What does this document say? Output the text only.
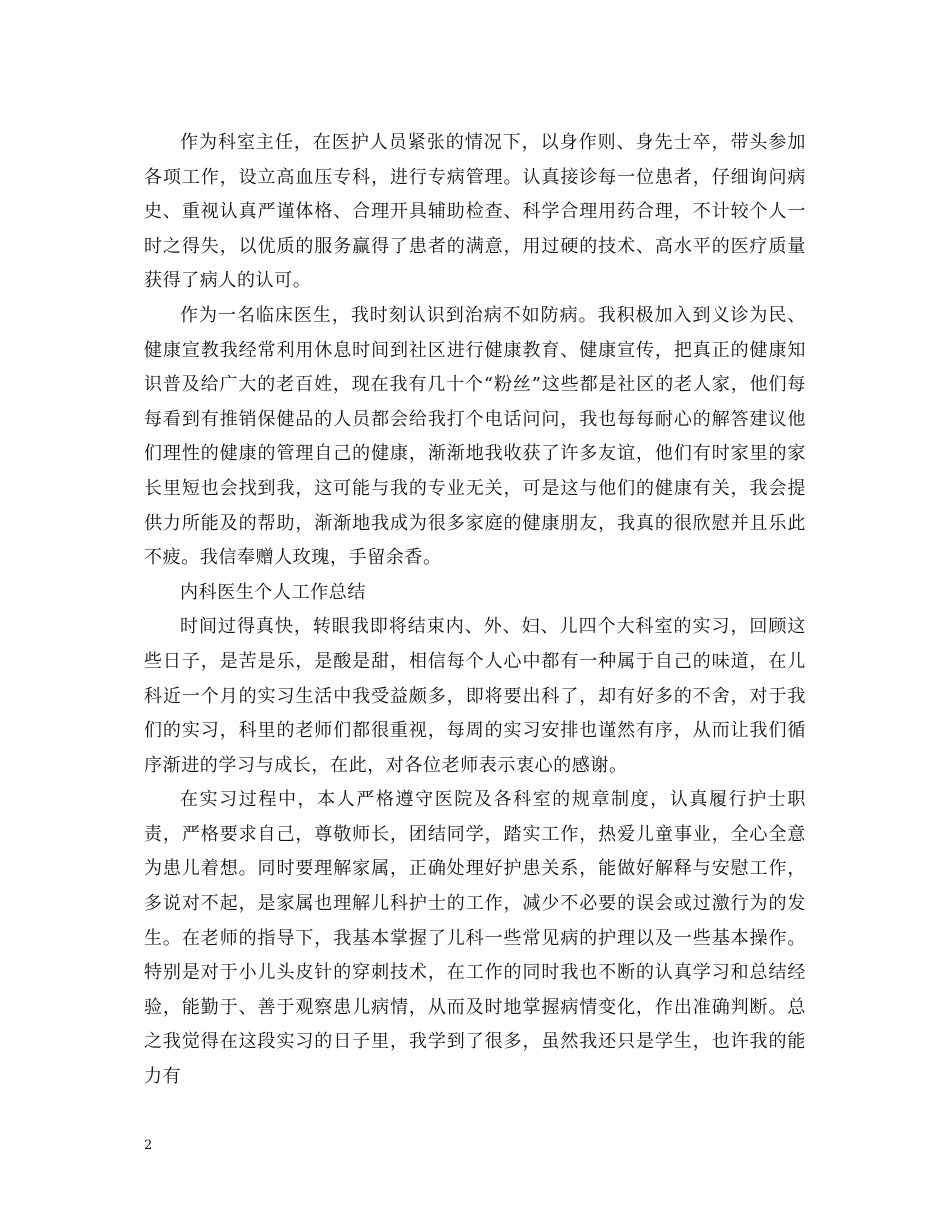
作为科室主任，在医护人员紧张的情况下，以身作则、身先士卒，带头参加各项工作，设立高血压专科，进行专病管理。认真接诊每一位患者，仔细询问病史、重视认真严谨体格、合理开具辅助检查、科学合理用药合理，不计较个人一时之得失，以优质的服务赢得了患者的满意，用过硬的技术、高水平的医疗质量获得了病人的认可。

作为一名临床医生，我时刻认识到治病不如防病。我积极加入到义诊为民、健康宣教我经常利用休息时间到社区进行健康教育、健康宣传，把真正的健康知识普及给广大的老百姓，现在我有几十个“粉丝”这些都是社区的老人家，他们每每看到有推销保健品的人员都会给我打个电话问问，我也每每耐心的解答建议他们理性的健康的管理自己的健康，渐渐地我收获了许多友谊，他们有时家里的家长里短也会找到我，这可能与我的专业无关，可是这与他们的健康有关，我会提供力所能及的帮助，渐渐地我成为很多家庭的健康朋友，我真的很欣慰并且乐此不疲。我信奉赠人玫瑰，手留余香。

内科医生个人工作总结

时间过得真快，转眼我即将结束内、外、妇、儿四个大科室的实习，回顾这些日子，是苦是乐，是酸是甜，相信每个人心中都有一种属于自己的味道，在儿科近一个月的实习生活中我受益颇多，即将要出科了，却有好多的不舍，对于我们的实习，科里的老师们都很重视，每周的实习安排也谨然有序，从而让我们循序渐进的学习与成长，在此，对各位老师表示衷心的感谢。

在实习过程中，本人严格遵守医院及各科室的规章制度，认真履行护士职责，严格要求自己，尊敬师长，团结同学，踏实工作，热爱儿童事业，全心全意为患儿着想。同时要理解家属，正确处理好护患关系，能做好解释与安慰工作，多说对不起，是家属也理解儿科护士的工作，减少不必要的误会或过激行为的发生。在老师的指导下，我基本掌握了儿科一些常见病的护理以及一些基本操作。特别是对于小儿头皮针的穿刺技术，在工作的同时我也不断的认真学习和总结经验，能勤于、善于观察患儿病情，从而及时地掌握病情变化，作出准确判断。总之我觉得在这段实习的日子里，我学到了很多，虽然我还只是学生，也许我的能力有

2
